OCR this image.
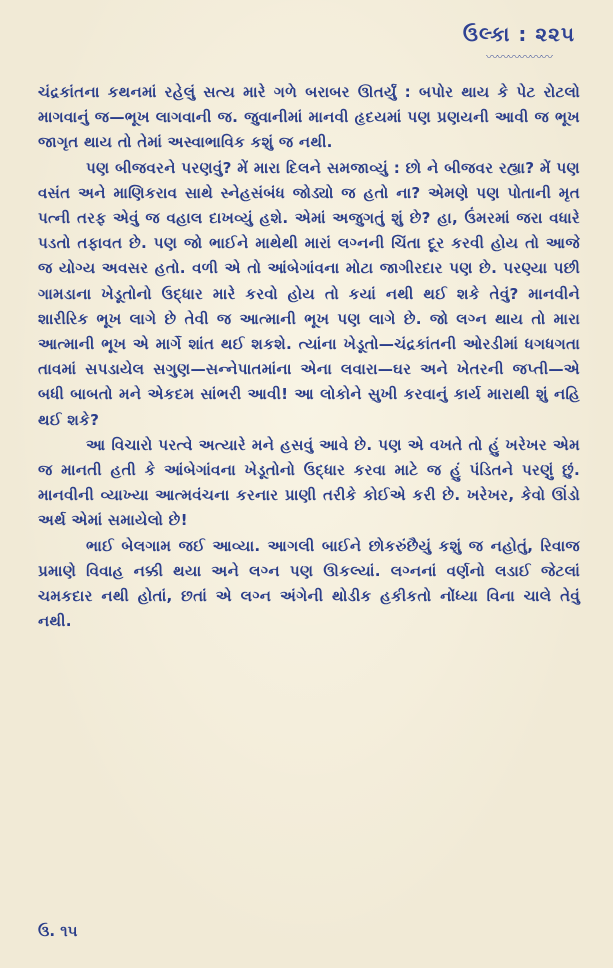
ઉલ્કા : ૨૨૫
〰〰〰〰〰〰

ચંદ્રકાંતના કથનમાં રહેલું સત્ય મારે ગળે બરાબર ઊતર્યું : બપોર થાય કે પેટ રોટલો માગવાનું જ—ભૂખ લાગવાની જ. જુવાનીમાં માનવી હૃદયમાં પણ પ્રણયની આવી જ ભૂખ જાગૃત થાય તો તેમાં અસ્વાભાવિક કશું જ નથી.

પણ બીજવરને પરણવું? મેં મારા દિલને સમજાવ્યું : છો ને બીજવર રહ્યા? મેં પણ વસંત અને માણિકરાવ સાથે સ્નેહસંબંધ જોડ્યો જ હતો ના? એમણે પણ પોતાની મૃત પત્ની તરફ એવું જ વહાલ દાખવ્યું હશે. એમાં અજુગતું શું છે? હા, ઉંમરમાં જરા વધારે પડતો તફાવત છે. પણ જો ભાઈને માથેથી મારાં લગ્નની ચિંતા દૂર કરવી હોય તો આજે જ યોગ્ય અવસર હતો. વળી એ તો આંબેગાંવના મોટા જાગીરદાર પણ છે. પરણ્યા પછી ગામડાના ખેડૂતોનો ઉદ્ધાર મારે કરવો હોય તો કયાં નથી થઈ શકે તેવું? માનવીને શારીરિક ભૂખ લાગે છે તેવી જ આત્માની ભૂખ પણ લાગે છે. જો લગ્ન થાય તો મારા આત્માની ભૂખ એ માર્ગે શાંત થઈ શકશે. ત્યાંના ખેડૂતો—ચંદ્રકાંતની ઓરડીમાં ધગધગતા તાવમાં સપડાયેલ સગુણ—સન્નેપાતમાંના એના લવારા—ઘર અને ખેતરની જપ્તી—એ બધી બાબતો મને એકદમ સાંભરી આવી! આ લોકોને સુખી કરવાનું કાર્ય મારાથી શું નહિ થઈ શકે?

આ વિચારો પરત્વે અત્યારે મને હસવું આવે છે. પણ એ વખતે તો હું ખરેખર એમ જ માનતી હતી કે આંબેગાંવના ખેડૂતોનો ઉદ્ધાર કરવા માટે જ હું પંડિતને પરણું છું. માનવીની વ્યાખ્યા આત્મવંચના કરનાર પ્રાણી તરીકે કોઈએ કરી છે. ખરેખર, કેવો ઊંડો અર્થ એમાં સમાયેલો છે!

ભાઈ બેલગામ જઈ આવ્યા. આગલી બાઈને છોકરુંછૈયું કશું જ નહોતું, રિવાજ પ્રમાણે વિવાહ નક્કી થયા અને લગ્ન પણ ઊકલ્યાં. લગ્નનાં વર્ણનો લડાઈ જેટલાં ચમકદાર નથી હોતાં, છતાં એ લગ્ન અંગેની થોડીક હકીકતો નોંધ્યા વિના ચાલે તેવું નથી.

ઉ. ૧૫
